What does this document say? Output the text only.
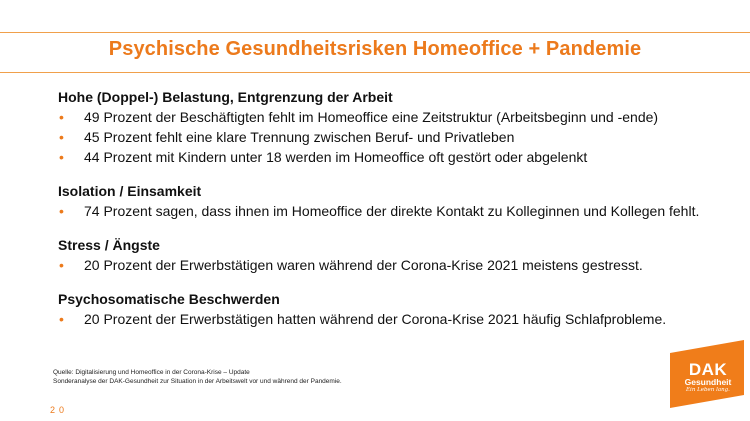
Psychische Gesundheitsrisken Homeoffice + Pandemie

Hohe (Doppel-) Belastung, Entgrenzung der Arbeit

• 49 Prozent der Beschäftigten fehlt im Homeoffice eine Zeitstruktur (Arbeitsbeginn und -ende)
• 45 Prozent fehlt eine klare Trennung zwischen Beruf- und Privatleben
• 44 Prozent mit Kindern unter 18 werden im Homeoffice oft gestört oder abgelenkt

Isolation / Einsamkeit

• 74 Prozent sagen, dass ihnen im Homeoffice der direkte Kontakt zu Kolleginnen und Kollegen fehlt.

Stress / Ängste

• 20 Prozent der Erwerbstätigen waren während der Corona-Krise 2021 meistens gestresst.

Psychosomatische Beschwerden

• 20 Prozent der Erwerbstätigen hatten während der Corona-Krise 2021 häufig Schlafprobleme.
Quelle: Digitalisierung und Homeoffice in der Corona-Krise – Update
Sonderanalyse der DAK-Gesundheit zur Situation in der Arbeitswelt vor und während der Pandemie.
20
DAK
Gesundheit
Ein Leben lang.
